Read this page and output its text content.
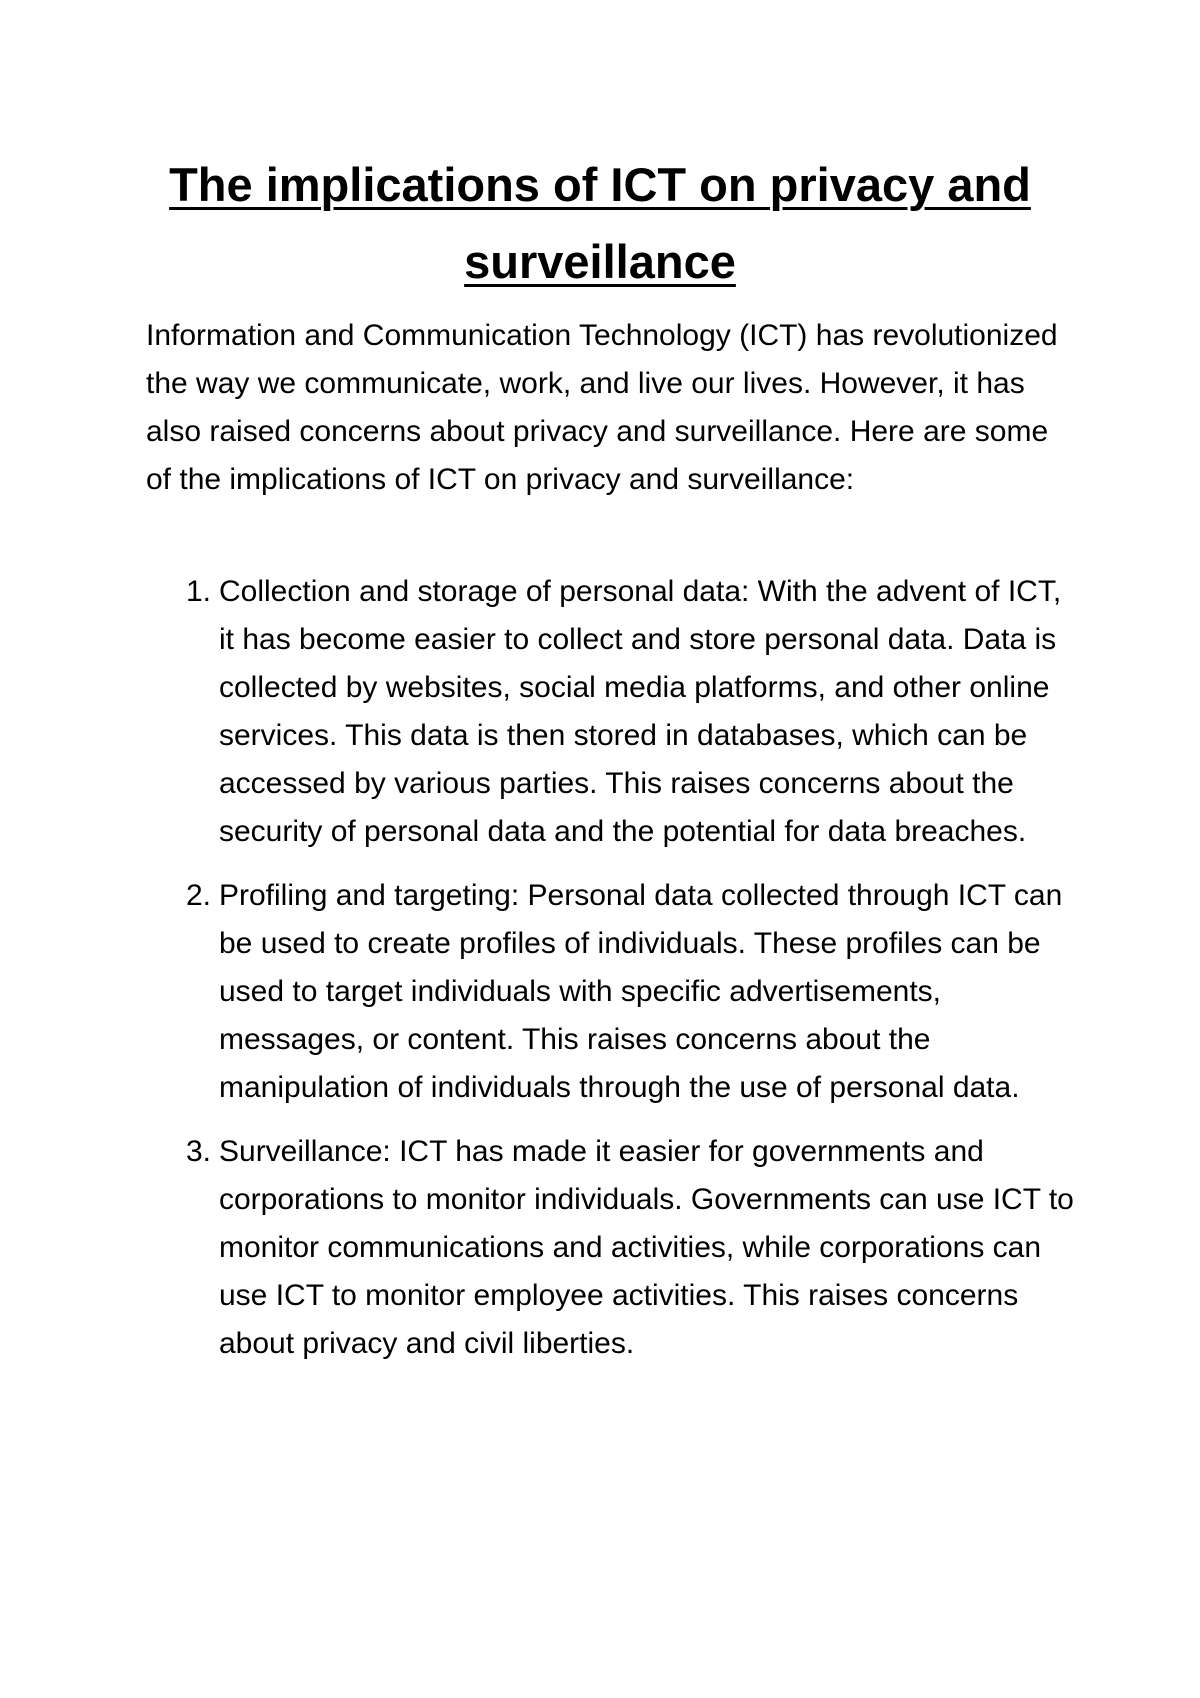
The implications of ICT on privacy and surveillance

Information and Communication Technology (ICT) has revolutionized the way we communicate, work, and live our lives. However, it has also raised concerns about privacy and surveillance. Here are some of the implications of ICT on privacy and surveillance:

1. Collection and storage of personal data: With the advent of ICT, it has become easier to collect and store personal data. Data is collected by websites, social media platforms, and other online services. This data is then stored in databases, which can be accessed by various parties. This raises concerns about the security of personal data and the potential for data breaches.
2. Profiling and targeting: Personal data collected through ICT can be used to create profiles of individuals. These profiles can be used to target individuals with specific advertisements, messages, or content. This raises concerns about the manipulation of individuals through the use of personal data.
3. Surveillance: ICT has made it easier for governments and corporations to monitor individuals. Governments can use ICT to monitor communications and activities, while corporations can use ICT to monitor employee activities. This raises concerns about privacy and civil liberties.
